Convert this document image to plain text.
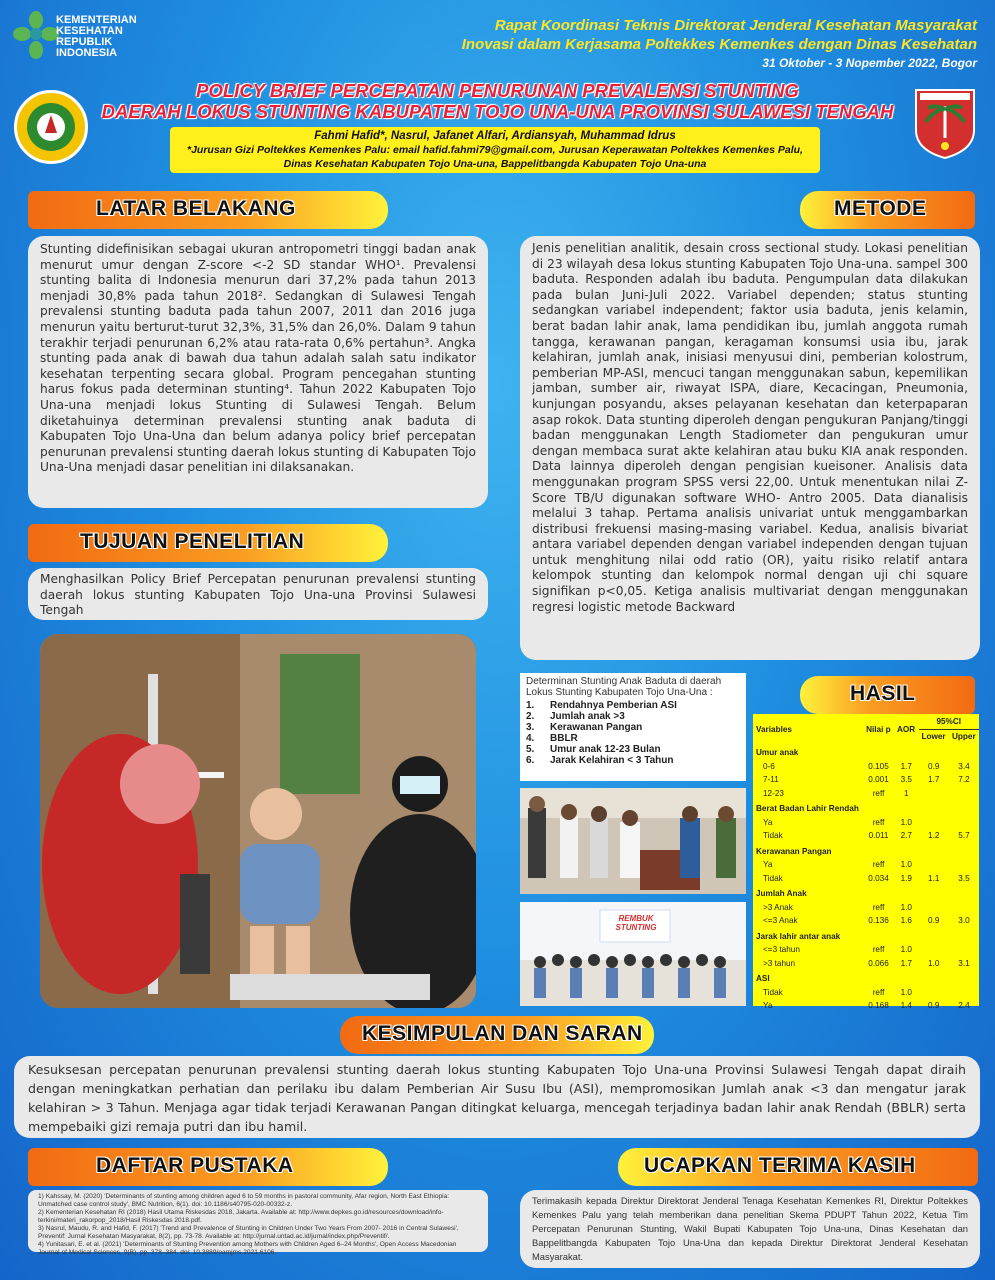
KEMENTERIAN
KESEHATAN
REPUBLIK
INDONESIA
Rapat Koordinasi Teknis Direktorat Jenderal Kesehatan Masyarakat
Inovasi dalam Kerjasama Poltekkes Kemenkes dengan Dinas Kesehatan
31 Oktober - 3 Nopember 2022, Bogor
POLICY BRIEF PERCEPATAN PENURUNAN PREVALENSI STUNTING
DAERAH LOKUS STUNTING KABUPATEN TOJO UNA-UNA PROVINSI SULAWESI TENGAH
Fahmi Hafid*, Nasrul, Jafanet Alfari, Ardiansyah, Muhammad Idrus
*Jurusan Gizi Poltekkes Kemenkes Palu: email hafid.fahmi79@gmail.com, Jurusan Keperawatan Poltekkes Kemenkes Palu,
Dinas Kesehatan Kabupaten Tojo Una-una, Bappelitbangda Kabupaten Tojo Una-una
LATAR BELAKANG
Stunting didefinisikan sebagai ukuran antropometri tinggi badan anak menurut umur dengan Z-score <-2 SD standar WHO¹. Prevalensi stunting balita di Indonesia menurun dari 37,2% pada tahun 2013 menjadi 30,8% pada tahun 2018². Sedangkan di Sulawesi Tengah prevalensi stunting baduta pada tahun 2007, 2011 dan 2016 juga menurun yaitu berturut-turut 32,3%, 31,5% dan 26,0%. Dalam 9 tahun terakhir terjadi penurunan 6,2% atau rata-rata 0,6% pertahun³. Angka stunting pada anak di bawah dua tahun adalah salah satu indikator kesehatan terpenting secara global. Program pencegahan stunting harus fokus pada determinan stunting⁴. Tahun 2022 Kabupaten Tojo Una-una menjadi lokus Stunting di Sulawesi Tengah. Belum diketahuinya determinan prevalensi stunting anak baduta di Kabupaten Tojo Una-Una dan belum adanya policy brief percepatan penurunan prevalensi stunting daerah lokus stunting di Kabupaten Tojo Una-Una menjadi dasar penelitian ini dilaksanakan.
TUJUAN PENELITIAN
Menghasilkan Policy Brief Percepatan penurunan prevalensi stunting daerah lokus stunting Kabupaten Tojo Una-una Provinsi Sulawesi Tengah
METODE
Jenis penelitian analitik, desain cross sectional study. Lokasi penelitian di 23 wilayah desa lokus stunting Kabupaten Tojo Una-una. sampel 300 baduta. Responden adalah ibu baduta. Pengumpulan data dilakukan pada bulan Juni-Juli 2022. Variabel dependen; status stunting sedangkan variabel independent; faktor usia baduta, jenis kelamin, berat badan lahir anak, lama pendidikan ibu, jumlah anggota rumah tangga, kerawanan pangan, keragaman konsumsi usia ibu, jarak kelahiran, jumlah anak, inisiasi menyusui dini, pemberian kolostrum, pemberian MP-ASI, mencuci tangan menggunakan sabun, kepemilikan jamban, sumber air, riwayat ISPA, diare, Kecacingan, Pneumonia, kunjungan posyandu, akses pelayanan kesehatan dan keterpaparan asap rokok. Data stunting diperoleh dengan pengukuran Panjang/tinggi badan menggunakan Length Stadiometer dan pengukuran umur dengan membaca surat akte kelahiran atau buku KIA anak responden. Data lainnya diperoleh dengan pengisian kueisoner. Analisis data menggunakan program SPSS versi 22,00. Untuk menentukan nilai Z-Score TB/U digunakan software WHO- Antro 2005. Data dianalisis melalui 3 tahap. Pertama analisis univariat untuk menggambarkan distribusi frekuensi masing-masing variabel. Kedua, analisis bivariat antara variabel dependen dengan variabel independen dengan tujuan untuk menghitung nilai odd ratio (OR), yaitu risiko relatif antara kelompok stunting dan kelompok normal dengan uji chi square signifikan p<0,05. Ketiga analisis multivariat dengan menggunakan regresi logistic metode Backward
HASIL
Determinan Stunting Anak Baduta di daerah Lokus Stunting Kabupaten Tojo Una-Una :
1. Rendahnya Pemberian ASI
2. Jumlah anak >3
3. Kerawanan Pangan
4. BBLR
5. Umur anak 12-23 Bulan
6. Jarak Kelahiran < 3 Tahun
REMBUK STUNTING
Variables	Nilai p	AOR	95%CI	
			Lower	Upper
Umur anak				
0-6	0.105	1.7	0.9	3.4
7-11	0.001	3.5	1.7	7.2
12-23	reff	1		
Berat Badan Lahir Rendah				
Ya	reff	1.0		
Tidak	0.011	2.7	1.2	5.7
Kerawanan Pangan				
Ya	reff	1.0		
Tidak	0.034	1.9	1.1	3.5
Jumlah Anak				
>3 Anak	reff	1.0		
<=3 Anak	0.136	1.6	0.9	3.0
Jarak lahir antar anak				
<=3 tahun	reff	1.0		
>3 tahun	0.066	1.7	1.0	3.1
ASI				
Tidak	reff	1.0		
Ya	0.168	1.4	0.9	2.4
KESIMPULAN DAN SARAN
Kesuksesan percepatan penurunan prevalensi stunting daerah lokus stunting Kabupaten Tojo Una-una Provinsi Sulawesi Tengah dapat diraih dengan meningkatkan perhatian dan perilaku ibu dalam Pemberian Air Susu Ibu (ASI), mempromosikan Jumlah anak <3 dan mengatur jarak kelahiran > 3 Tahun. Menjaga agar tidak terjadi Kerawanan Pangan ditingkat keluarga, mencegah terjadinya badan lahir anak Rendah (BBLR) serta mempebaiki gizi remaja putri dan ibu hamil.
DAFTAR PUSTAKA
1) Kahssay, M. (2020) 'Determinants of stunting among children aged 6 to 59 months in pastoral community, Afar region, North East Ethiopia: Unmatched case control study', BMC Nutrition, 6(1). doi: 10.1186/s40795-020-00332-z.
2) Kementerian Kesehatan RI (2018) Hasil Utama Riskesdas 2018, Jakarta. Available at: http://www.depkes.go.id/resources/download/info-terkini/materi_rakorpop_2018/Hasil Riskesdas 2018.pdf.
3) Nasrul, Maudu, R. and Hafid, F. (2017) 'Trend and Prevalence of Stunting in Children Under Two Years From 2007- 2016 in Central Sulawesi', Preventif: Jurnal Kesehatan Masyarakat, 8(2), pp. 73-78. Available at: http://jurnal.untad.ac.id/jurnal/index.php/Preventif/.
4) Yunitasari, E. et al. (2021) 'Determinants of Stunting Prevention among Mothers with Children Aged 6–24 Months', Open Access Macedonian Journal of Medical Sciences, 9(B), pp. 378–384. doi: 10.3889/oamjms.2021.6106.
UCAPKAN TERIMA KASIH
Terimakasih kepada Direktur Direktorat Jenderal Tenaga Kesehatan Kemenkes RI, Direktur Poltekkes Kemenkes Palu yang telah memberikan dana penelitian Skema PDUPT Tahun 2022, Ketua Tim Percepatan Penurunan Stunting, Wakil Bupati Kabupaten Tojo Una-una, Dinas Kesehatan dan Bappelitbangda Kabupaten Tojo Una-Una dan kepada Direktur Direktorat Jenderal Kesehatan Masyarakat.
